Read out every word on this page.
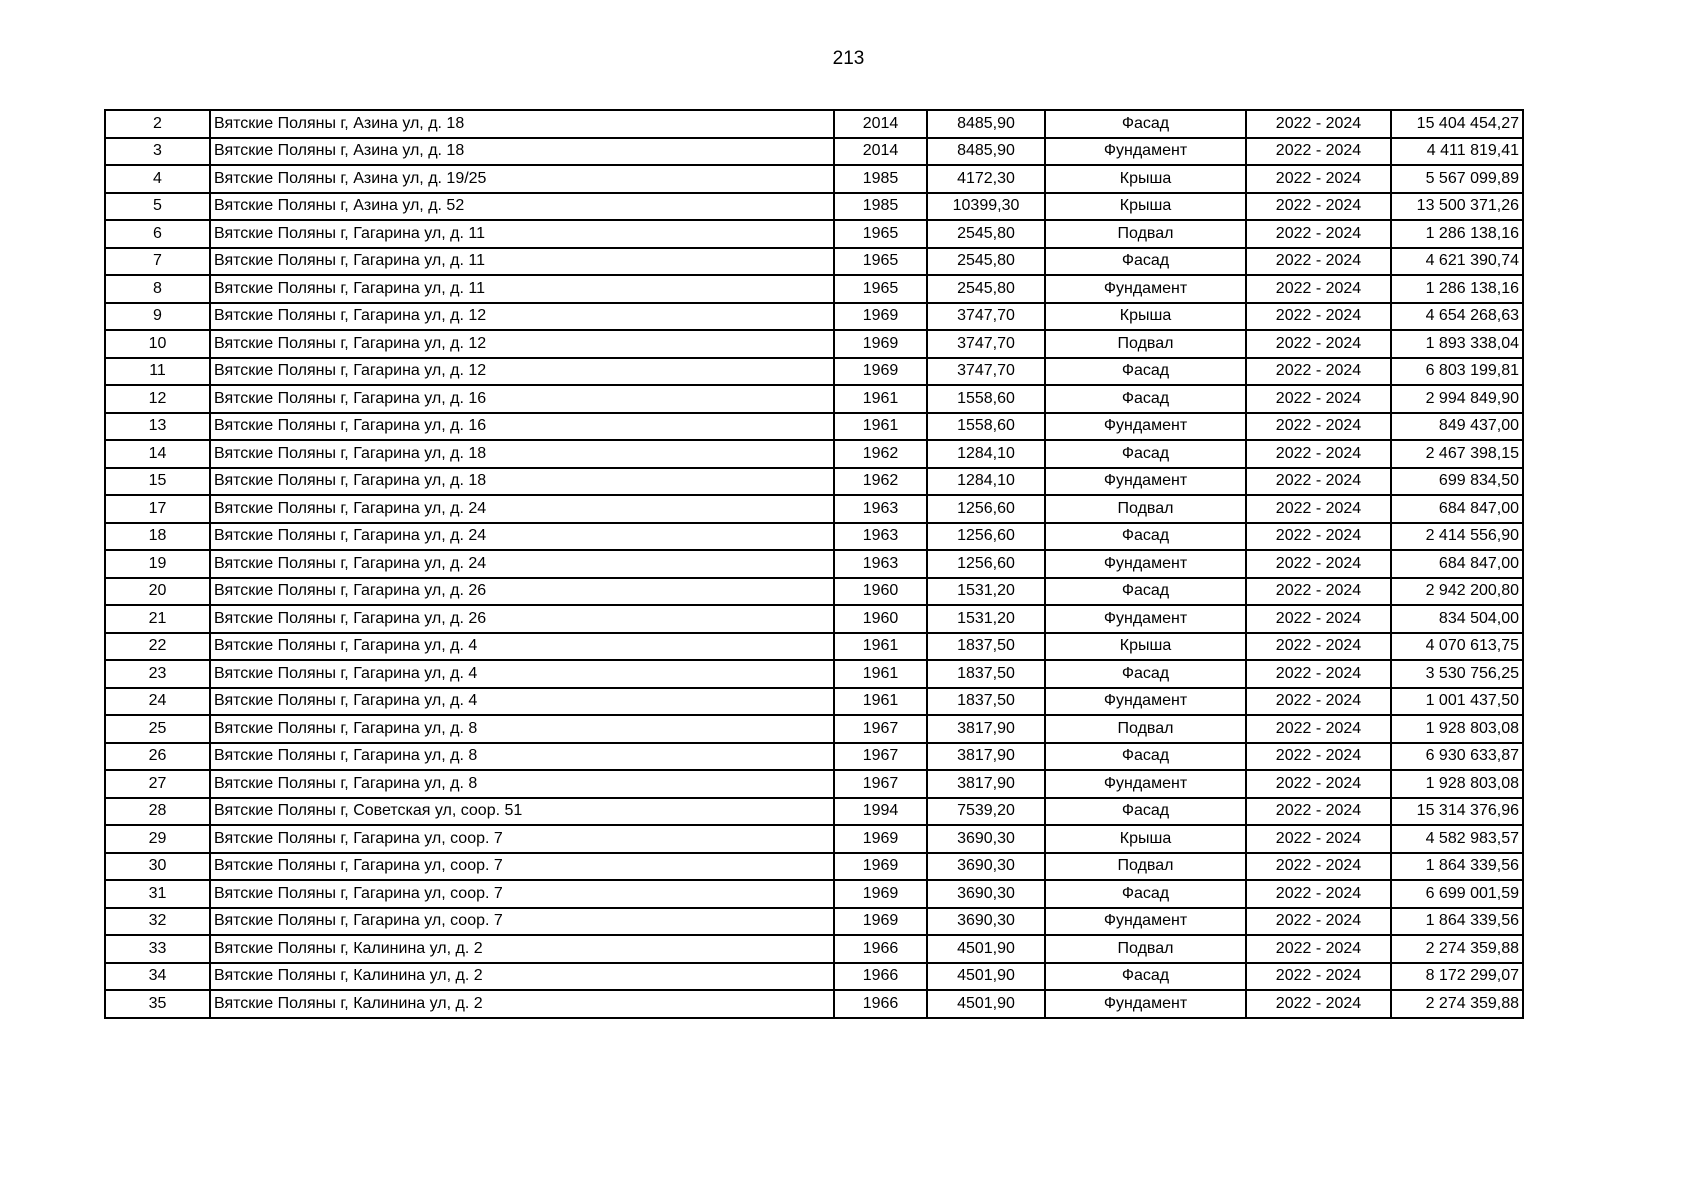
213
2	Вятские Поляны г, Азина ул, д. 18	2014	8485,90	Фасад	2022 - 2024	15 404 454,27
3	Вятские Поляны г, Азина ул, д. 18	2014	8485,90	Фундамент	2022 - 2024	4 411 819,41
4	Вятские Поляны г, Азина ул, д. 19/25	1985	4172,30	Крыша	2022 - 2024	5 567 099,89
5	Вятские Поляны г, Азина ул, д. 52	1985	10399,30	Крыша	2022 - 2024	13 500 371,26
6	Вятские Поляны г, Гагарина ул, д. 11	1965	2545,80	Подвал	2022 - 2024	1 286 138,16
7	Вятские Поляны г, Гагарина ул, д. 11	1965	2545,80	Фасад	2022 - 2024	4 621 390,74
8	Вятские Поляны г, Гагарина ул, д. 11	1965	2545,80	Фундамент	2022 - 2024	1 286 138,16
9	Вятские Поляны г, Гагарина ул, д. 12	1969	3747,70	Крыша	2022 - 2024	4 654 268,63
10	Вятские Поляны г, Гагарина ул, д. 12	1969	3747,70	Подвал	2022 - 2024	1 893 338,04
11	Вятские Поляны г, Гагарина ул, д. 12	1969	3747,70	Фасад	2022 - 2024	6 803 199,81
12	Вятские Поляны г, Гагарина ул, д. 16	1961	1558,60	Фасад	2022 - 2024	2 994 849,90
13	Вятские Поляны г, Гагарина ул, д. 16	1961	1558,60	Фундамент	2022 - 2024	849 437,00
14	Вятские Поляны г, Гагарина ул, д. 18	1962	1284,10	Фасад	2022 - 2024	2 467 398,15
15	Вятские Поляны г, Гагарина ул, д. 18	1962	1284,10	Фундамент	2022 - 2024	699 834,50
17	Вятские Поляны г, Гагарина ул, д. 24	1963	1256,60	Подвал	2022 - 2024	684 847,00
18	Вятские Поляны г, Гагарина ул, д. 24	1963	1256,60	Фасад	2022 - 2024	2 414 556,90
19	Вятские Поляны г, Гагарина ул, д. 24	1963	1256,60	Фундамент	2022 - 2024	684 847,00
20	Вятские Поляны г, Гагарина ул, д. 26	1960	1531,20	Фасад	2022 - 2024	2 942 200,80
21	Вятские Поляны г, Гагарина ул, д. 26	1960	1531,20	Фундамент	2022 - 2024	834 504,00
22	Вятские Поляны г, Гагарина ул, д. 4	1961	1837,50	Крыша	2022 - 2024	4 070 613,75
23	Вятские Поляны г, Гагарина ул, д. 4	1961	1837,50	Фасад	2022 - 2024	3 530 756,25
24	Вятские Поляны г, Гагарина ул, д. 4	1961	1837,50	Фундамент	2022 - 2024	1 001 437,50
25	Вятские Поляны г, Гагарина ул, д. 8	1967	3817,90	Подвал	2022 - 2024	1 928 803,08
26	Вятские Поляны г, Гагарина ул, д. 8	1967	3817,90	Фасад	2022 - 2024	6 930 633,87
27	Вятские Поляны г, Гагарина ул, д. 8	1967	3817,90	Фундамент	2022 - 2024	1 928 803,08
28	Вятские Поляны г, Советская ул, соор. 51	1994	7539,20	Фасад	2022 - 2024	15 314 376,96
29	Вятские Поляны г, Гагарина ул, соор. 7	1969	3690,30	Крыша	2022 - 2024	4 582 983,57
30	Вятские Поляны г, Гагарина ул, соор. 7	1969	3690,30	Подвал	2022 - 2024	1 864 339,56
31	Вятские Поляны г, Гагарина ул, соор. 7	1969	3690,30	Фасад	2022 - 2024	6 699 001,59
32	Вятские Поляны г, Гагарина ул, соор. 7	1969	3690,30	Фундамент	2022 - 2024	1 864 339,56
33	Вятские Поляны г, Калинина ул, д. 2	1966	4501,90	Подвал	2022 - 2024	2 274 359,88
34	Вятские Поляны г, Калинина ул, д. 2	1966	4501,90	Фасад	2022 - 2024	8 172 299,07
35	Вятские Поляны г, Калинина ул, д. 2	1966	4501,90	Фундамент	2022 - 2024	2 274 359,88
